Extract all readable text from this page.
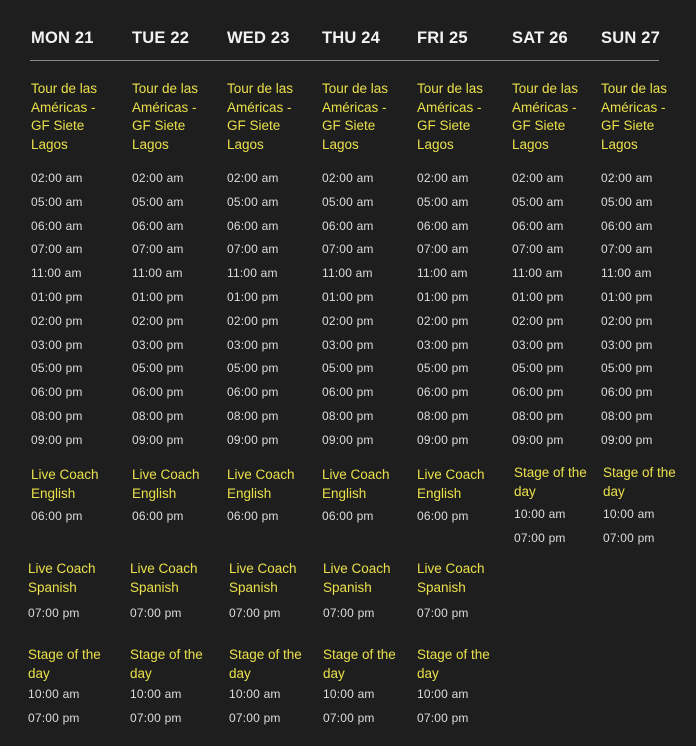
MON 21
Tour de las Américas - GF Siete Lagos
02:00 am
05:00 am
06:00 am
07:00 am
11:00 am
01:00 pm
02:00 pm
03:00 pm
05:00 pm
06:00 pm
08:00 pm
09:00 pm
Live Coach English
06:00 pm
Live Coach Spanish
07:00 pm
Stage of the day
10:00 am
07:00 pm
TUE 22
Tour de las Américas - GF Siete Lagos
02:00 am
05:00 am
06:00 am
07:00 am
11:00 am
01:00 pm
02:00 pm
03:00 pm
05:00 pm
06:00 pm
08:00 pm
09:00 pm
Live Coach English
06:00 pm
Live Coach Spanish
07:00 pm
Stage of the day
10:00 am
07:00 pm
WED 23
Tour de las Américas - GF Siete Lagos
02:00 am
05:00 am
06:00 am
07:00 am
11:00 am
01:00 pm
02:00 pm
03:00 pm
05:00 pm
06:00 pm
08:00 pm
09:00 pm
Live Coach English
06:00 pm
Live Coach Spanish
07:00 pm
Stage of the day
10:00 am
07:00 pm
THU 24
Tour de las Américas - GF Siete Lagos
02:00 am
05:00 am
06:00 am
07:00 am
11:00 am
01:00 pm
02:00 pm
03:00 pm
05:00 pm
06:00 pm
08:00 pm
09:00 pm
Live Coach English
06:00 pm
Live Coach Spanish
07:00 pm
Stage of the day
10:00 am
07:00 pm
FRI 25
Tour de las Américas - GF Siete Lagos
02:00 am
05:00 am
06:00 am
07:00 am
11:00 am
01:00 pm
02:00 pm
03:00 pm
05:00 pm
06:00 pm
08:00 pm
09:00 pm
Live Coach English
06:00 pm
Live Coach Spanish
07:00 pm
Stage of the day
10:00 am
07:00 pm
SAT 26
Tour de las Américas - GF Siete Lagos
02:00 am
05:00 am
06:00 am
07:00 am
11:00 am
01:00 pm
02:00 pm
03:00 pm
05:00 pm
06:00 pm
08:00 pm
09:00 pm
Stage of the day
10:00 am
07:00 pm
SUN 27
Tour de las Américas - GF Siete Lagos
02:00 am
05:00 am
06:00 am
07:00 am
11:00 am
01:00 pm
02:00 pm
03:00 pm
05:00 pm
06:00 pm
08:00 pm
09:00 pm
Stage of the day
10:00 am
07:00 pm
